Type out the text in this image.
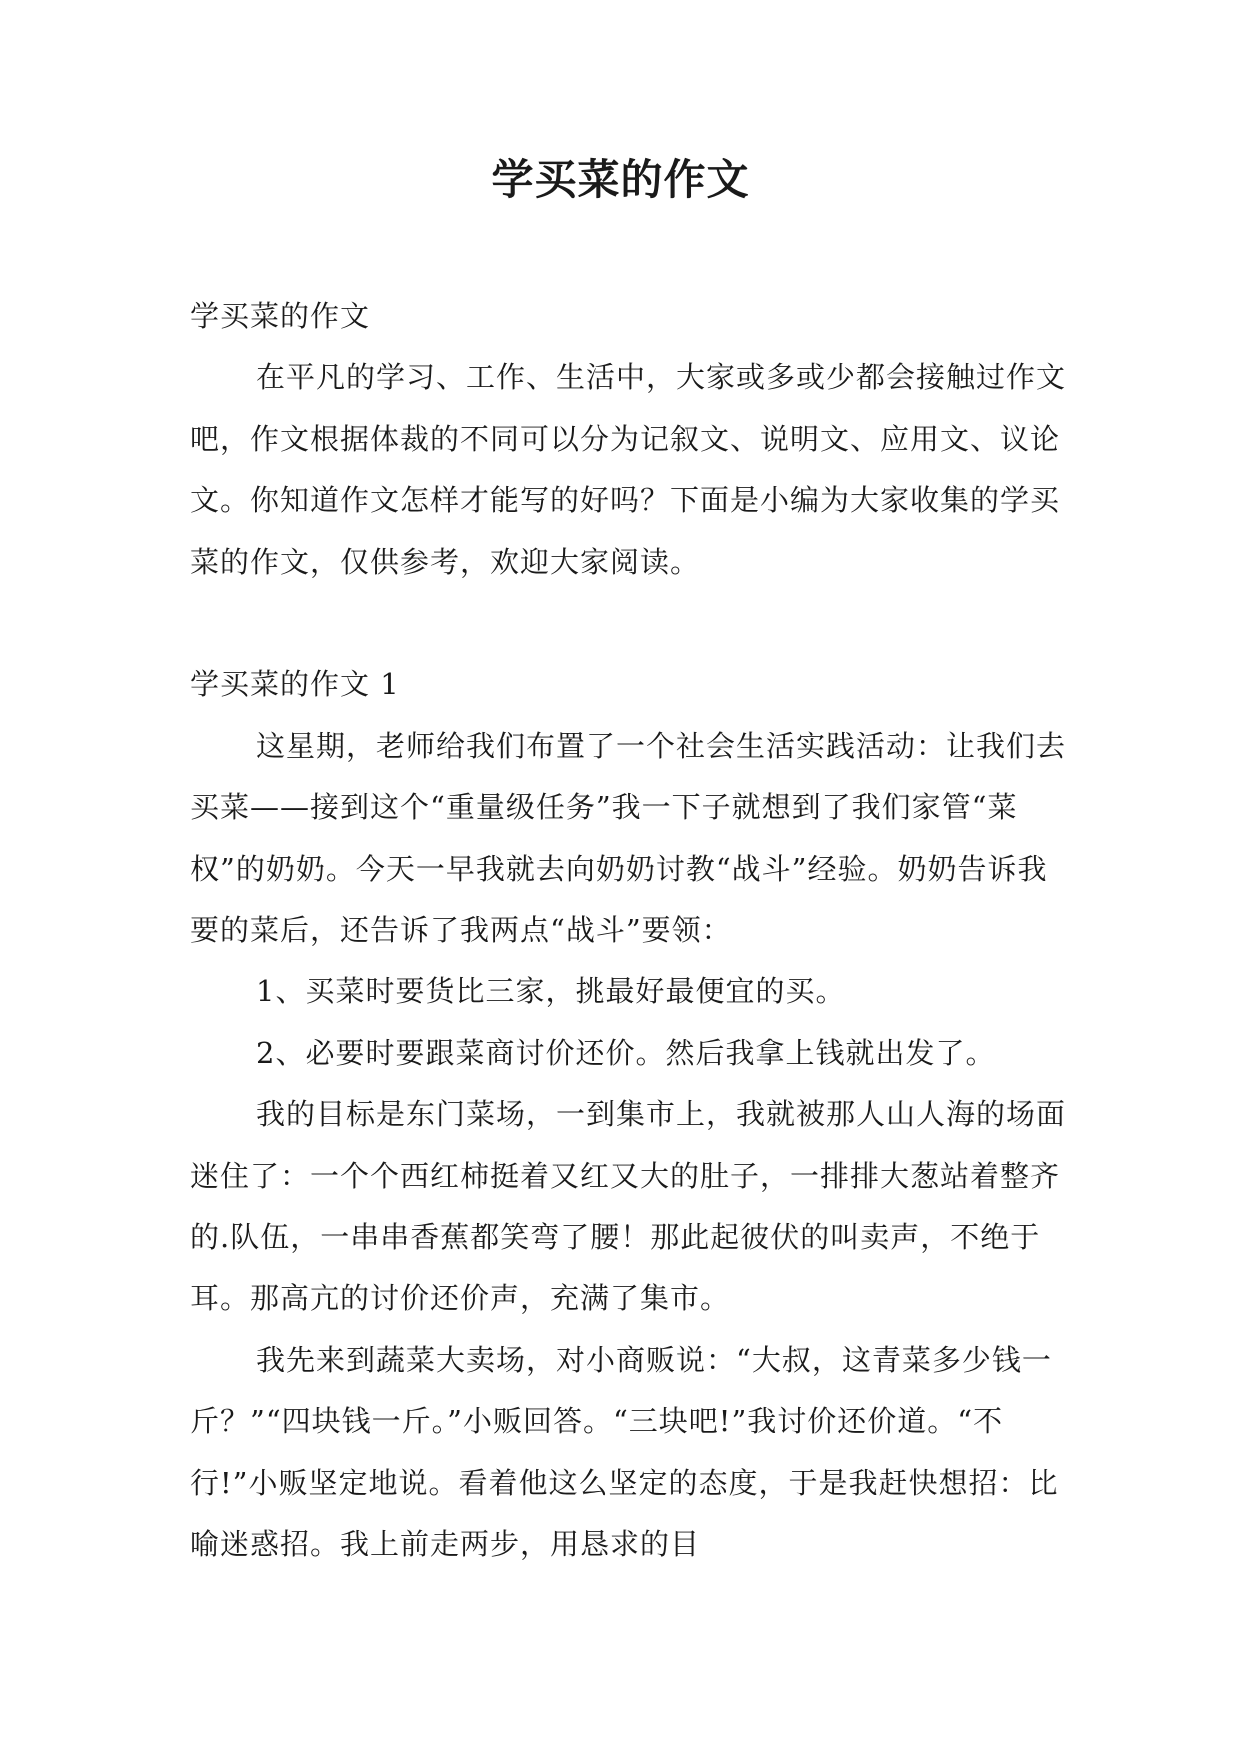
学买菜的作文

学买菜的作文

在平凡的学习、工作、生活中，大家或多或少都会接触过作文吧，作文根据体裁的不同可以分为记叙文、说明文、应用文、议论文。你知道作文怎样才能写的好吗？下面是小编为大家收集的学买菜的作文，仅供参考，欢迎大家阅读。

学买菜的作文 1

这星期，老师给我们布置了一个社会生活实践活动：让我们去买菜——接到这个“重量级任务”我一下子就想到了我们家管“菜权”的奶奶。今天一早我就去向奶奶讨教“战斗”经验。奶奶告诉我要的菜后，还告诉了我两点“战斗”要领：

1、买菜时要货比三家，挑最好最便宜的买。

2、必要时要跟菜商讨价还价。然后我拿上钱就出发了。

我的目标是东门菜场，一到集市上，我就被那人山人海的场面迷住了：一个个西红柿挺着又红又大的肚子，一排排大葱站着整齐的.队伍，一串串香蕉都笑弯了腰！那此起彼伏的叫卖声，不绝于耳。那高亢的讨价还价声，充满了集市。

我先来到蔬菜大卖场，对小商贩说：“大叔，这青菜多少钱一斤？”“四块钱一斤。”小贩回答。“三块吧!”我讨价还价道。“不行!”小贩坚定地说。看着他这么坚定的态度，于是我赶快想招：比喻迷惑招。我上前走两步，用恳求的目
